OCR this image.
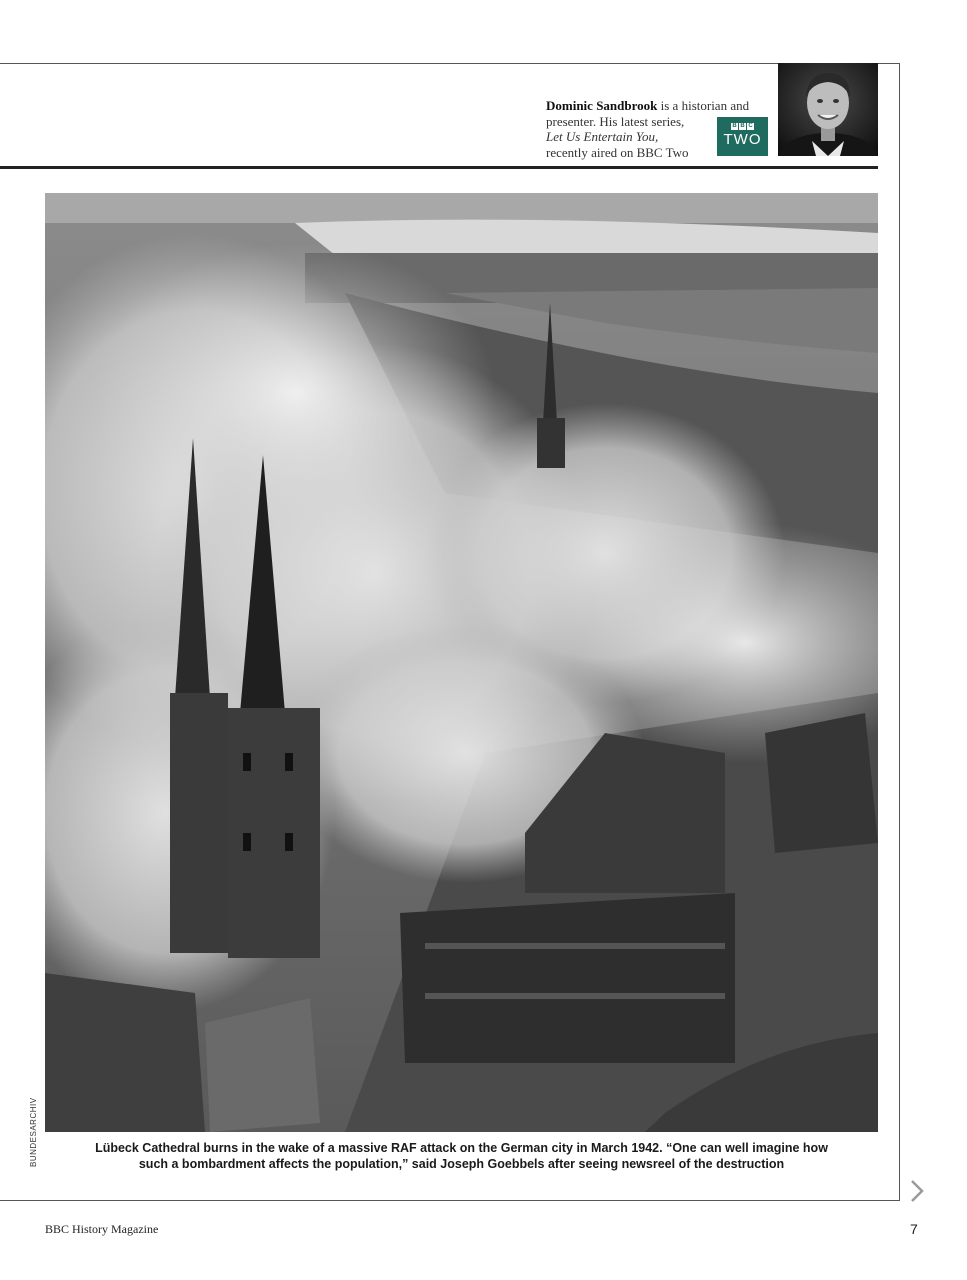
Dominic Sandbrook is a historian and
presenter. His latest series,
Let Us Entertain You,
recently aired on BBC Two
B B C
TWO
BUNDESARCHIV	Lübeck Cathedral burns in the wake of a massive RAF attack on the German city in March 1942. “One can well imagine how
such a bombardment affects the population,” said Joseph Goebbels after seeing newsreel of the destruction
BBC History Magazine	7
